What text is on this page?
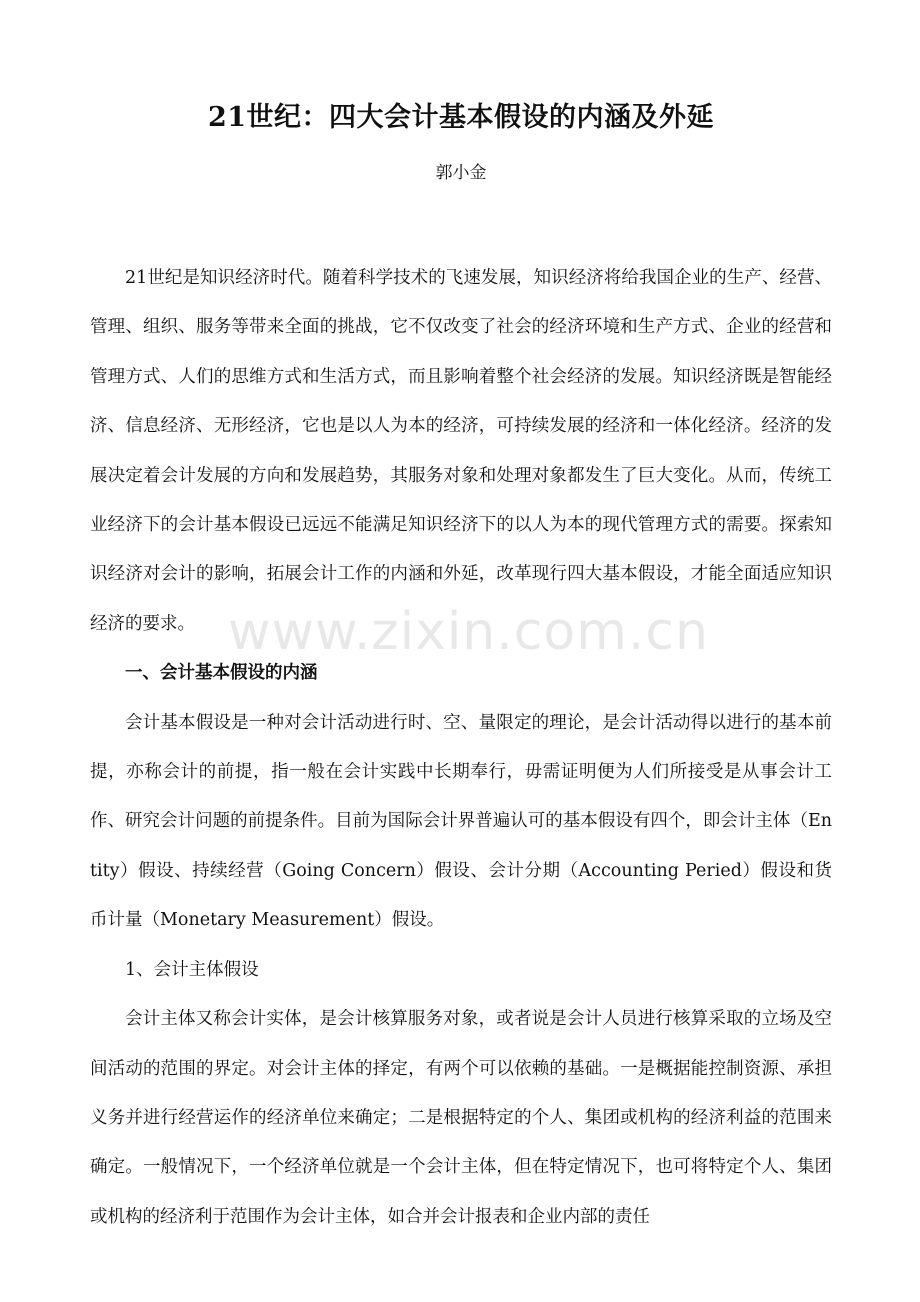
21世纪：四大会计基本假设的内涵及外延
郭小金

21世纪是知识经济时代。随着科学技术的飞速发展，知识经济将给我国企业的生产、经营、管理、组织、服务等带来全面的挑战，它不仅改变了社会的经济环境和生产方式、企业的经营和管理方式、人们的思维方式和生活方式，而且影响着整个社会经济的发展。知识经济既是智能经济、信息经济、无形经济，它也是以人为本的经济，可持续发展的经济和一体化经济。经济的发展决定着会计发展的方向和发展趋势，其服务对象和处理对象都发生了巨大变化。从而，传统工业经济下的会计基本假设已远远不能满足知识经济下的以人为本的现代管理方式的需要。探索知识经济对会计的影响，拓展会计工作的内涵和外延，改革现行四大基本假设，才能全面适应知识经济的要求。

一、会计基本假设的内涵

会计基本假设是一种对会计活动进行时、空、量限定的理论，是会计活动得以进行的基本前提，亦称会计的前提，指一般在会计实践中长期奉行，毋需证明便为人们所接受是从事会计工作、研究会计问题的前提条件。目前为国际会计界普遍认可的基本假设有四个，即会计主体（Entity）假设、持续经营（Going Concern）假设、会计分期（Accounting Peried）假设和货币计量（Monetary Measurement）假设。

1、会计主体假设

会计主体又称会计实体，是会计核算服务对象，或者说是会计人员进行核算采取的立场及空间活动的范围的界定。对会计主体的择定，有两个可以依赖的基础。一是概据能控制资源、承担义务并进行经营运作的经济单位来确定；二是根据特定的个人、集团或机构的经济利益的范围来确定。一般情况下，一个经济单位就是一个会计主体，但在特定情况下，也可将特定个人、集团或机构的经济利于范围作为会计主体，如合并会计报表和企业内部的责任

www.zixin.com.cn
